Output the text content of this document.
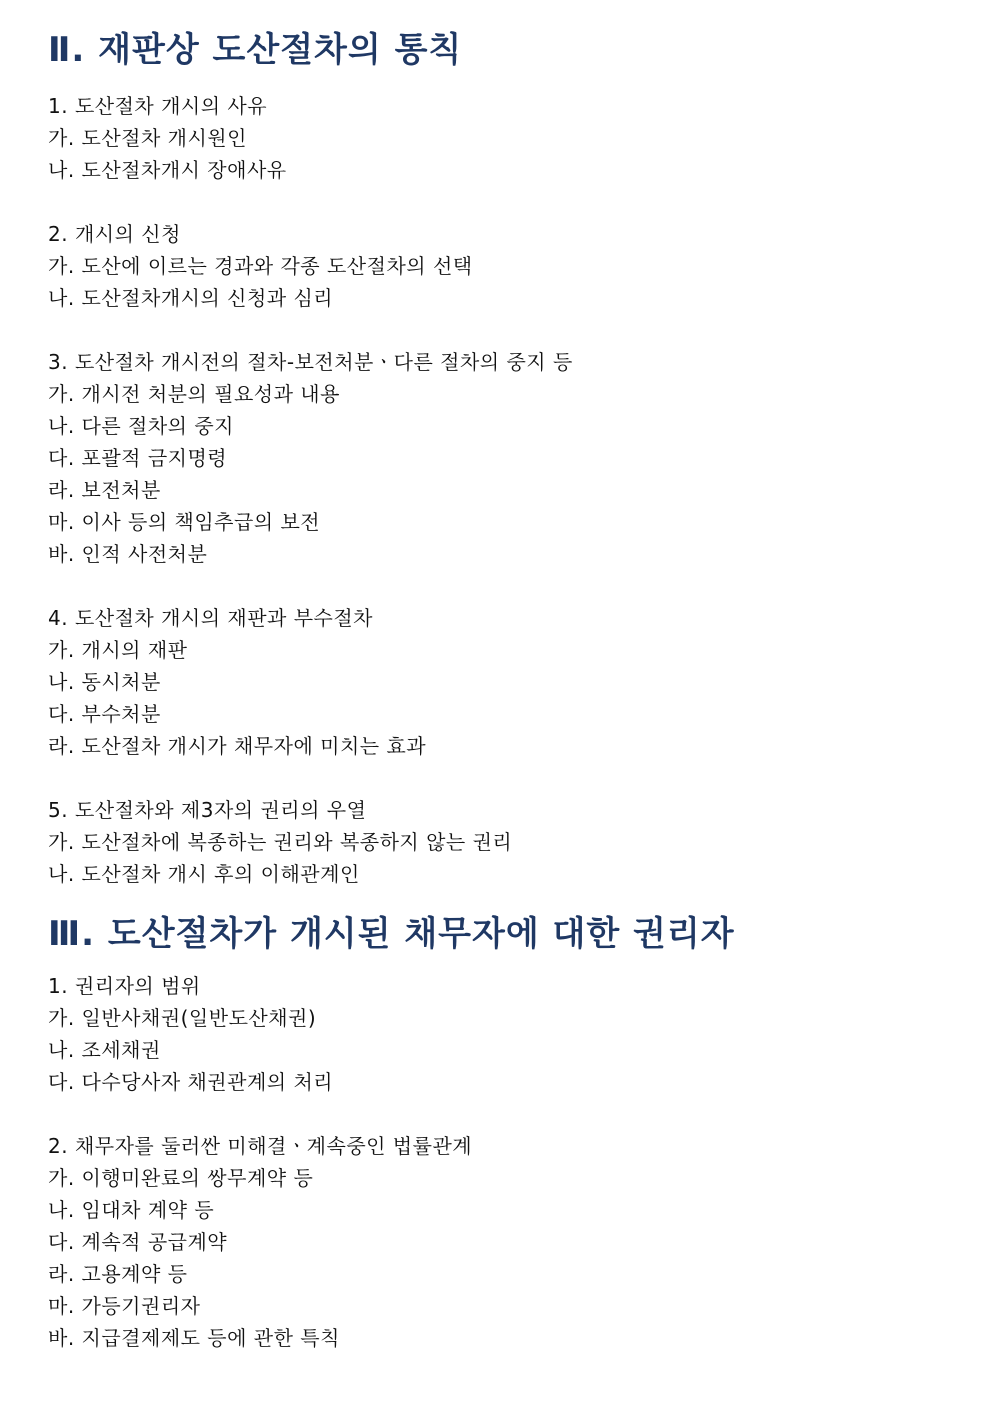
Ⅱ. 재판상 도산절차의 통칙
1. 도산절차 개시의 사유
가. 도산절차 개시원인
나. 도산절차개시 장애사유
2. 개시의 신청
가. 도산에 이르는 경과와 각종 도산절차의 선택
나. 도산절차개시의 신청과 심리
3. 도산절차 개시전의 절차-보전처분ㆍ다른 절차의 중지 등
가. 개시전 처분의 필요성과 내용
나. 다른 절차의 중지
다. 포괄적 금지명령
라. 보전처분
마. 이사 등의 책임추급의 보전
바. 인적 사전처분
4. 도산절차 개시의 재판과 부수절차
가. 개시의 재판
나. 동시처분
다. 부수처분
라. 도산절차 개시가 채무자에 미치는 효과
5. 도산절차와 제3자의 권리의 우열
가. 도산절차에 복종하는 권리와 복종하지 않는 권리
나. 도산절차 개시 후의 이해관계인
Ⅲ. 도산절차가 개시된 채무자에 대한 권리자
1. 권리자의 범위
가. 일반사채권(일반도산채권)
나. 조세채권
다. 다수당사자 채권관계의 처리
2. 채무자를 둘러싼 미해결ㆍ계속중인 법률관계
가. 이행미완료의 쌍무계약 등
나. 임대차 계약 등
다. 계속적 공급계약
라. 고용계약 등
마. 가등기권리자
바. 지급결제제도 등에 관한 특칙
